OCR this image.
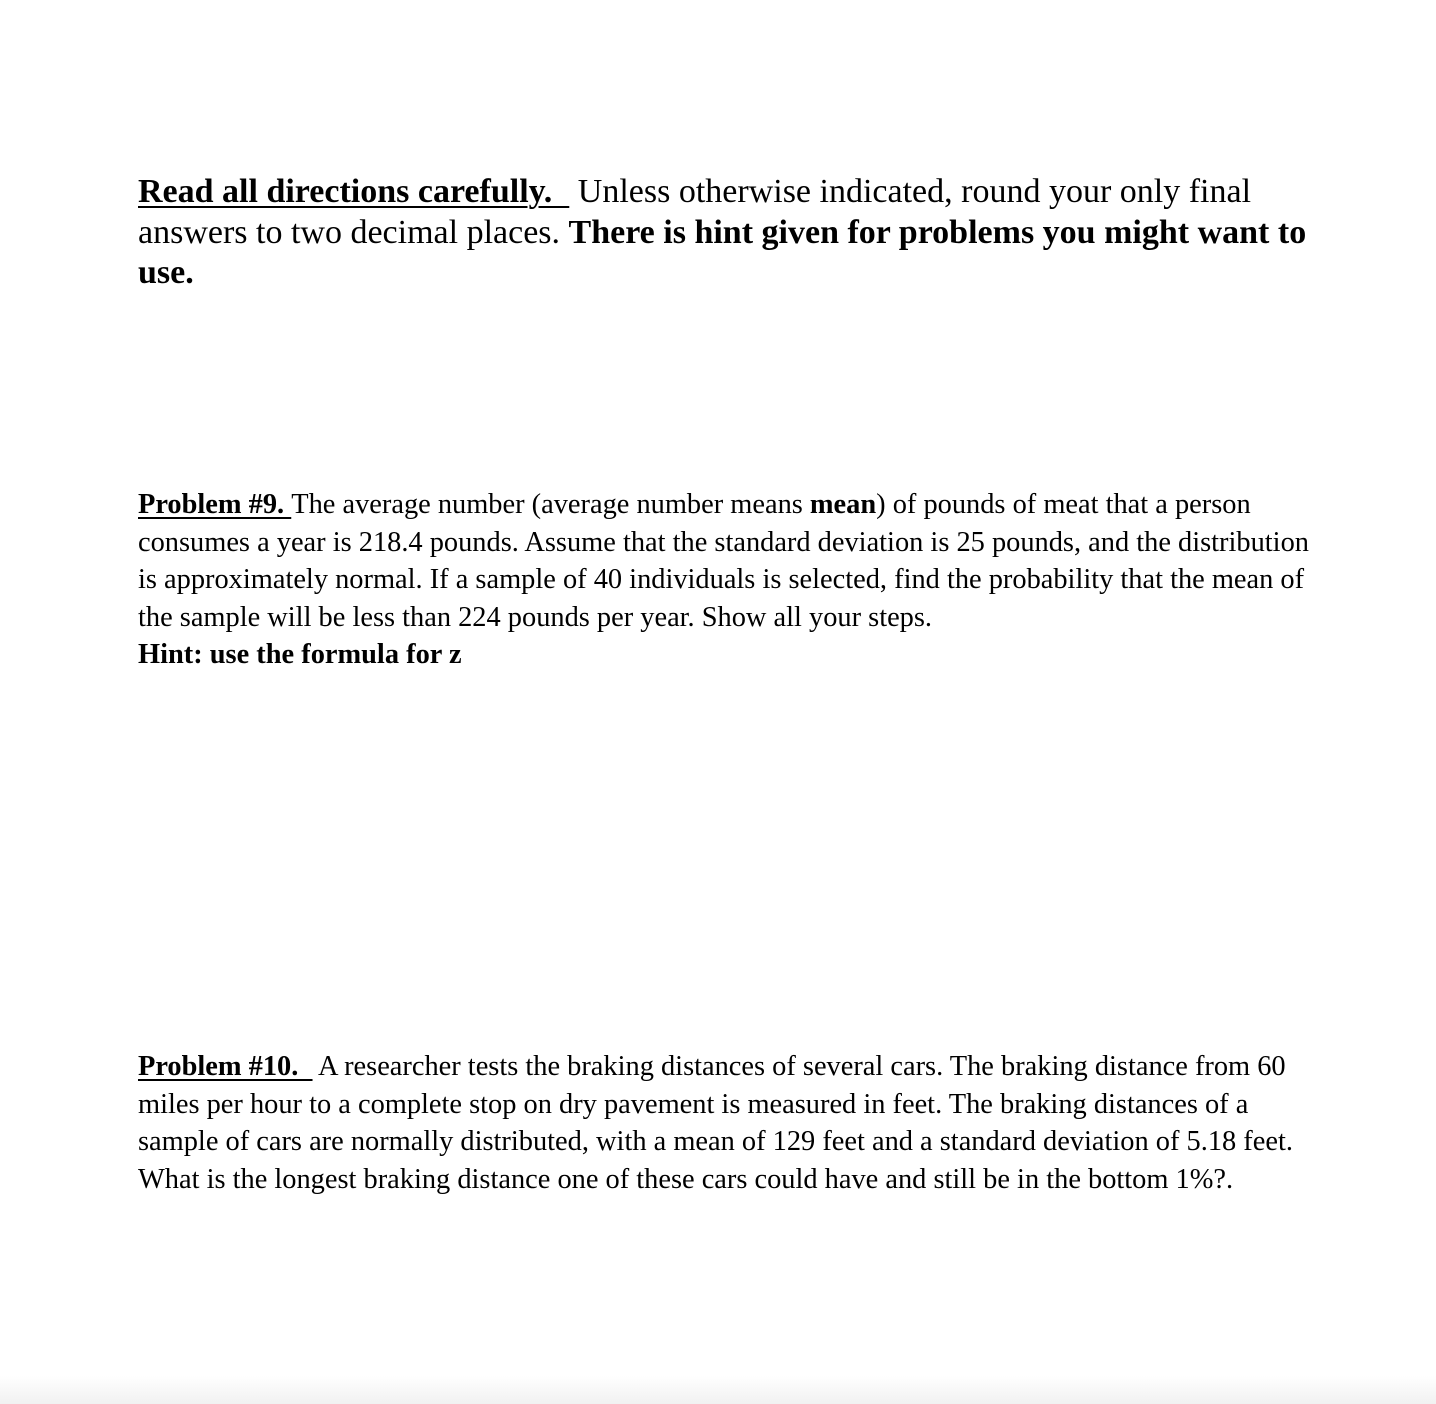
Read all directions carefully.   Unless otherwise indicated, round your only final answers to two decimal places. There is hint given for problems you might want to use.

Problem #9. The average number (average number means mean) of pounds of meat that a person consumes a year is 218.4 pounds. Assume that the standard deviation is 25 pounds, and the distribution is approximately normal. If a sample of 40 individuals is selected, find the probability that the mean of the sample will be less than 224 pounds per year. Show all your steps.
Hint: use the formula for z

Problem #10.   A researcher tests the braking distances of several cars. The braking distance from 60 miles per hour to a complete stop on dry pavement is measured in feet. The braking distances of a sample of cars are normally distributed, with a mean of 129 feet and a standard deviation of 5.18 feet. What is the longest braking distance one of these cars could have and still be in the bottom 1%?.
